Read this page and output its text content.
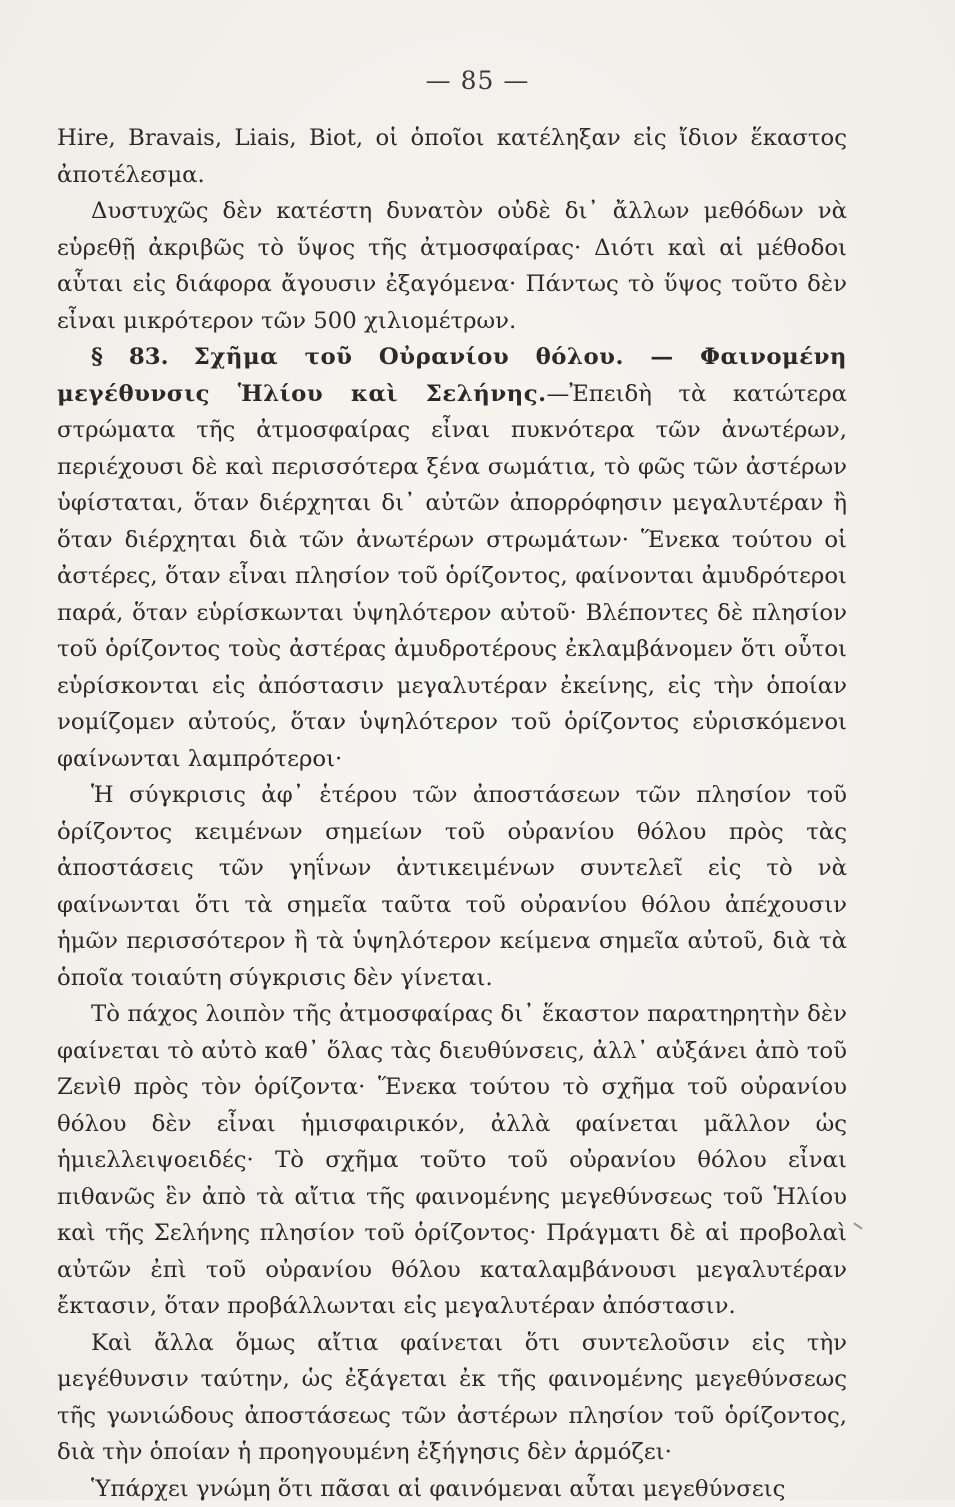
— 85 —

Hire, Bravais, Liais, Biot, οἱ ὁποῖοι κατέληξαν εἰς ἴδιον ἕκαστος ἀποτέλεσμα.

Δυστυχῶς δὲν κατέστη δυνατὸν οὐδὲ δι᾽ ἄλλων μεθόδων νὰ εὑρεθῇ ἀκριβῶς τὸ ὕψος τῆς ἀτμοσφαίρας· Διότι καὶ αἱ μέθοδοι αὗται εἰς διάφορα ἄγουσιν ἐξαγόμενα· Πάντως τὸ ὕψος τοῦτο δὲν εἶναι μικρότερον τῶν 500 χιλιομέτρων.

§ 83. Σχῆμα τοῦ Οὐρανίου θόλου. — Φαινομένη μεγέθυνσις Ἡλίου καὶ Σελήνης.—Ἐπειδὴ τὰ κατώτερα στρώματα τῆς ἀτμοσφαίρας εἶναι πυκνότερα τῶν ἀνωτέρων, περιέχουσι δὲ καὶ περισσότερα ξένα σωμάτια, τὸ φῶς τῶν ἀστέρων ὑφίσταται, ὅταν διέρχηται δι᾽ αὐτῶν ἀπορρόφησιν μεγαλυτέραν ἢ ὅταν διέρχηται διὰ τῶν ἀνωτέρων στρωμάτων· Ἕνεκα τούτου οἱ ἀστέρες, ὅταν εἶναι πλησίον τοῦ ὁρίζοντος, φαίνονται ἀμυδρότεροι παρά, ὅταν εὑρίσκωνται ὑψηλότερον αὐτοῦ· Βλέποντες δὲ πλησίον τοῦ ὁρίζοντος τοὺς ἀστέρας ἀμυδροτέρους ἐκλαμβάνομεν ὅτι οὗτοι εὑρίσκονται εἰς ἀπόστασιν μεγαλυτέραν ἐκείνης, εἰς τὴν ὁποίαν νομίζομεν αὐτούς, ὅταν ὑψηλότερον τοῦ ὁρίζοντος εὑρισκόμενοι φαίνωνται λαμπρότεροι·

Ἡ σύγκρισις ἀφ᾽ ἑτέρου τῶν ἀποστάσεων τῶν πλησίον τοῦ ὁρίζοντος κειμένων σημείων τοῦ οὐρανίου θόλου πρὸς τὰς ἀποστάσεις τῶν γηΐνων ἀντικειμένων συντελεῖ εἰς τὸ νὰ φαίνωνται ὅτι τὰ σημεῖα ταῦτα τοῦ οὐρανίου θόλου ἀπέχουσιν ἡμῶν περισσότερον ἢ τὰ ὑψηλότερον κείμενα σημεῖα αὐτοῦ, διὰ τὰ ὁποῖα τοιαύτη σύγκρισις δὲν γίνεται.

Τὸ πάχος λοιπὸν τῆς ἀτμοσφαίρας δι᾽ ἕκαστον παρατηρητὴν δὲν φαίνεται τὸ αὐτὸ καθ᾽ ὅλας τὰς διευθύνσεις, ἀλλ᾽ αὐξάνει ἀπὸ τοῦ Ζενὶθ πρὸς τὸν ὁρίζοντα· Ἕνεκα τούτου τὸ σχῆμα τοῦ οὐρανίου θόλου δὲν εἶναι ἡμισφαιρικόν, ἀλλὰ φαίνεται μᾶλλον ὡς ἡμιελλειψοειδές· Τὸ σχῆμα τοῦτο τοῦ οὐρανίου θόλου εἶναι πιθανῶς ἓν ἀπὸ τὰ αἴτια τῆς φαινομένης μεγεθύνσεως τοῦ Ἡλίου καὶ τῆς Σελήνης πλησίον τοῦ ὁρίζοντος· Πράγματι δὲ αἱ προβολαὶ αὐτῶν ἐπὶ τοῦ οὐρανίου θόλου καταλαμβάνουσι μεγαλυτέραν ἔκτασιν, ὅταν προβάλλωνται εἰς μεγαλυτέραν ἀπόστασιν.

Καὶ ἄλλα ὅμως αἴτια φαίνεται ὅτι συντελοῦσιν εἰς τὴν μεγέθυνσιν ταύτην, ὡς ἐξάγεται ἐκ τῆς φαινομένης μεγεθύνσεως τῆς γωνιώδους ἀποστάσεως τῶν ἀστέρων πλησίον τοῦ ὁρίζοντος, διὰ τὴν ὁποίαν ἡ προηγουμένη ἐξήγησις δὲν ἁρμόζει·

Ὑπάρχει γνώμη ὅτι πᾶσαι αἱ φαινόμεναι αὗται μεγεθύνσεις
